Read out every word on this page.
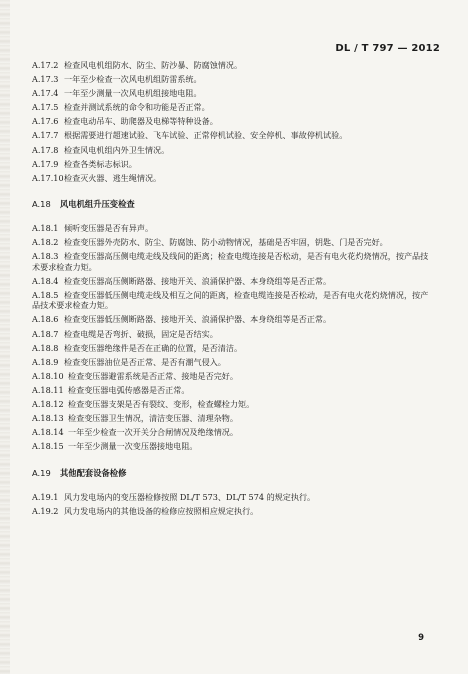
DL / T 797 — 2012
A.17.2 检查风电机组防水、防尘、防沙暴、防腐蚀情况。
A.17.3 一年至少检查一次风电机组防雷系统。
A.17.4 一年至少测量一次风电机组接地电阻。
A.17.5 检查并测试系统的命令和功能是否正常。
A.17.6 检查电动吊车、助爬器及电梯等特种设备。
A.17.7 根据需要进行超速试验、飞车试验、正常停机试验、安全停机、事故停机试验。
A.17.8 检查风电机组内外卫生情况。
A.17.9 检查各类标志标识。
A.17.10检查灭火器、逃生绳情况。
A.18 风电机组升压变检查
A.18.1 倾听变压器是否有异声。
A.18.2 检查变压器外壳防水、防尘、防腐蚀、防小动物情况，基础是否牢固，钥匙、门是否完好。
A.18.3 检查变压器高压侧电缆走线及线间的距离；检查电缆连接是否松动，是否有电火花灼烧情况，按产品技术要求检查力矩。
A.18.4 检查变压器高压侧断路器、接地开关、浪涌保护器、本身绕组等是否正常。
A.18.5 检查变压器低压侧电缆走线及相互之间的距离，检查电缆连接是否松动，是否有电火花灼烧情况，按产品技术要求检查力矩。
A.18.6 检查变压器低压侧断路器、接地开关、浪涌保护器、本身绕组等是否正常。
A.18.7 检查电缆是否弯折、破损，固定是否结实。
A.18.8 检查变压器绝缘件是否在正确的位置，是否清洁。
A.18.9 检查变压器油位是否正常、是否有潮气侵入。
A.18.10 检查变压器避雷系统是否正常、接地是否完好。
A.18.11 检查变压器电弧传感器是否正常。
A.18.12 检查变压器支架是否有裂纹、变形，检查螺栓力矩。
A.18.13 检查变压器卫生情况，清洁变压器、清理杂物。
A.18.14 一年至少检查一次开关分合闸情况及绝缘情况。
A.18.15 一年至少测量一次变压器接地电阻。
A.19 其他配套设备检修
A.19.1 风力发电场内的变压器检修按照 DL/T 573、DL/T 574 的规定执行。
A.19.2 风力发电场内的其他设备的检修应按照相应规定执行。
9
